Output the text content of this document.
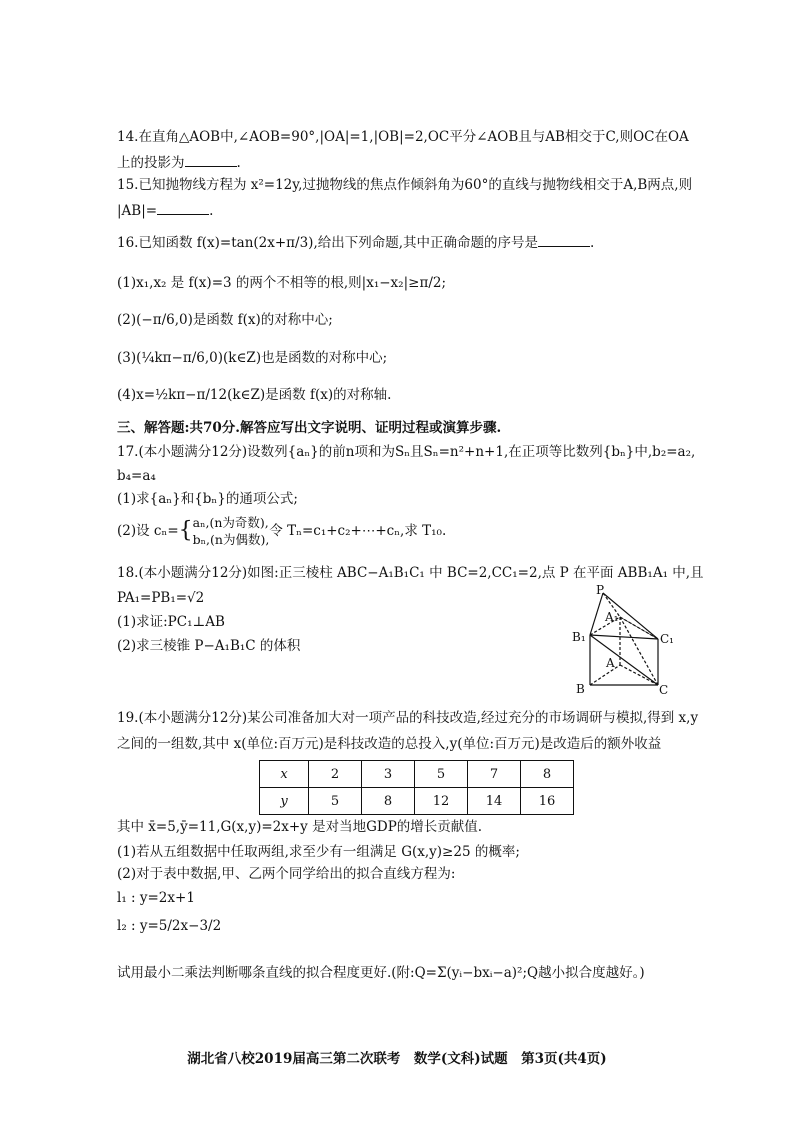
14.在直角△AOB中,∠AOB=90°,|OA|=1,|OB|=2,OC平分∠AOB且与AB相交于C,则OC在OA
上的投影为	.
15.已知抛物线方程为 x²=12y,过抛物线的焦点作倾斜角为60°的直线与抛物线相交于A,B两点,则
|AB|=	.
16.已知函数 f(x)=tan(2x+π/3),给出下列命题,其中正确命题的序号是	.
(1)x₁,x₂ 是 f(x)=3 的两个不相等的根,则|x₁−x₂|≥π/2;
(2)(−π/6,0)是函数 f(x)的对称中心;
(3)(¼kπ−π/6,0)(k∈Z)也是函数的对称中心;
(4)x=½kπ−π/12(k∈Z)是函数 f(x)的对称轴.
三、解答题:共70分.解答应写出文字说明、证明过程或演算步骤.
17.(本小题满分12分)设数列{aₙ}的前n项和为Sₙ且Sₙ=n²+n+1,在正项等比数列{bₙ}中,b₂=a₂,
b₄=a₄
(1)求{aₙ}和{bₙ}的通项公式;
(2)设 cₙ={ aₙ,(n为奇数),
bₙ,(n为偶数),
令 Tₙ=c₁+c₂+⋯+cₙ,求 T₁₀.
18.(本小题满分12分)如图:正三棱柱 ABC−A₁B₁C₁ 中 BC=2,CC₁=2,点 P 在平面 ABB₁A₁ 中,且
PA₁=PB₁=√2
(1)求证:PC₁⊥AB
(2)求三棱锥 P−A₁B₁C 的体积
P
A₁
B₁	C₁
A
B	C
19.(本小题满分12分)某公司准备加大对一项产品的科技改造,经过充分的市场调研与模拟,得到 x,y
之间的一组数,其中 x(单位:百万元)是科技改造的总投入,y(单位:百万元)是改造后的额外收益
x	2	3	5	7	8
y	5	8	12	14	16
其中 x̄=5,ȳ=11,G(x,y)=2x+y 是对当地GDP的增长贡献值.
(1)若从五组数据中任取两组,求至少有一组满足 G(x,y)≥25 的概率;
(2)对于表中数据,甲、乙两个同学给出的拟合直线方程为:
l₁ : y=2x+1
l₂ : y=5/2x−3/2
试用最小二乘法判断哪条直线的拟合程度更好.(附:Q=Σ(yᵢ−bxᵢ−a)²;Q越小拟合度越好。)
湖北省八校2019届高三第二次联考　数学(文科)试题　第3页(共4页)
